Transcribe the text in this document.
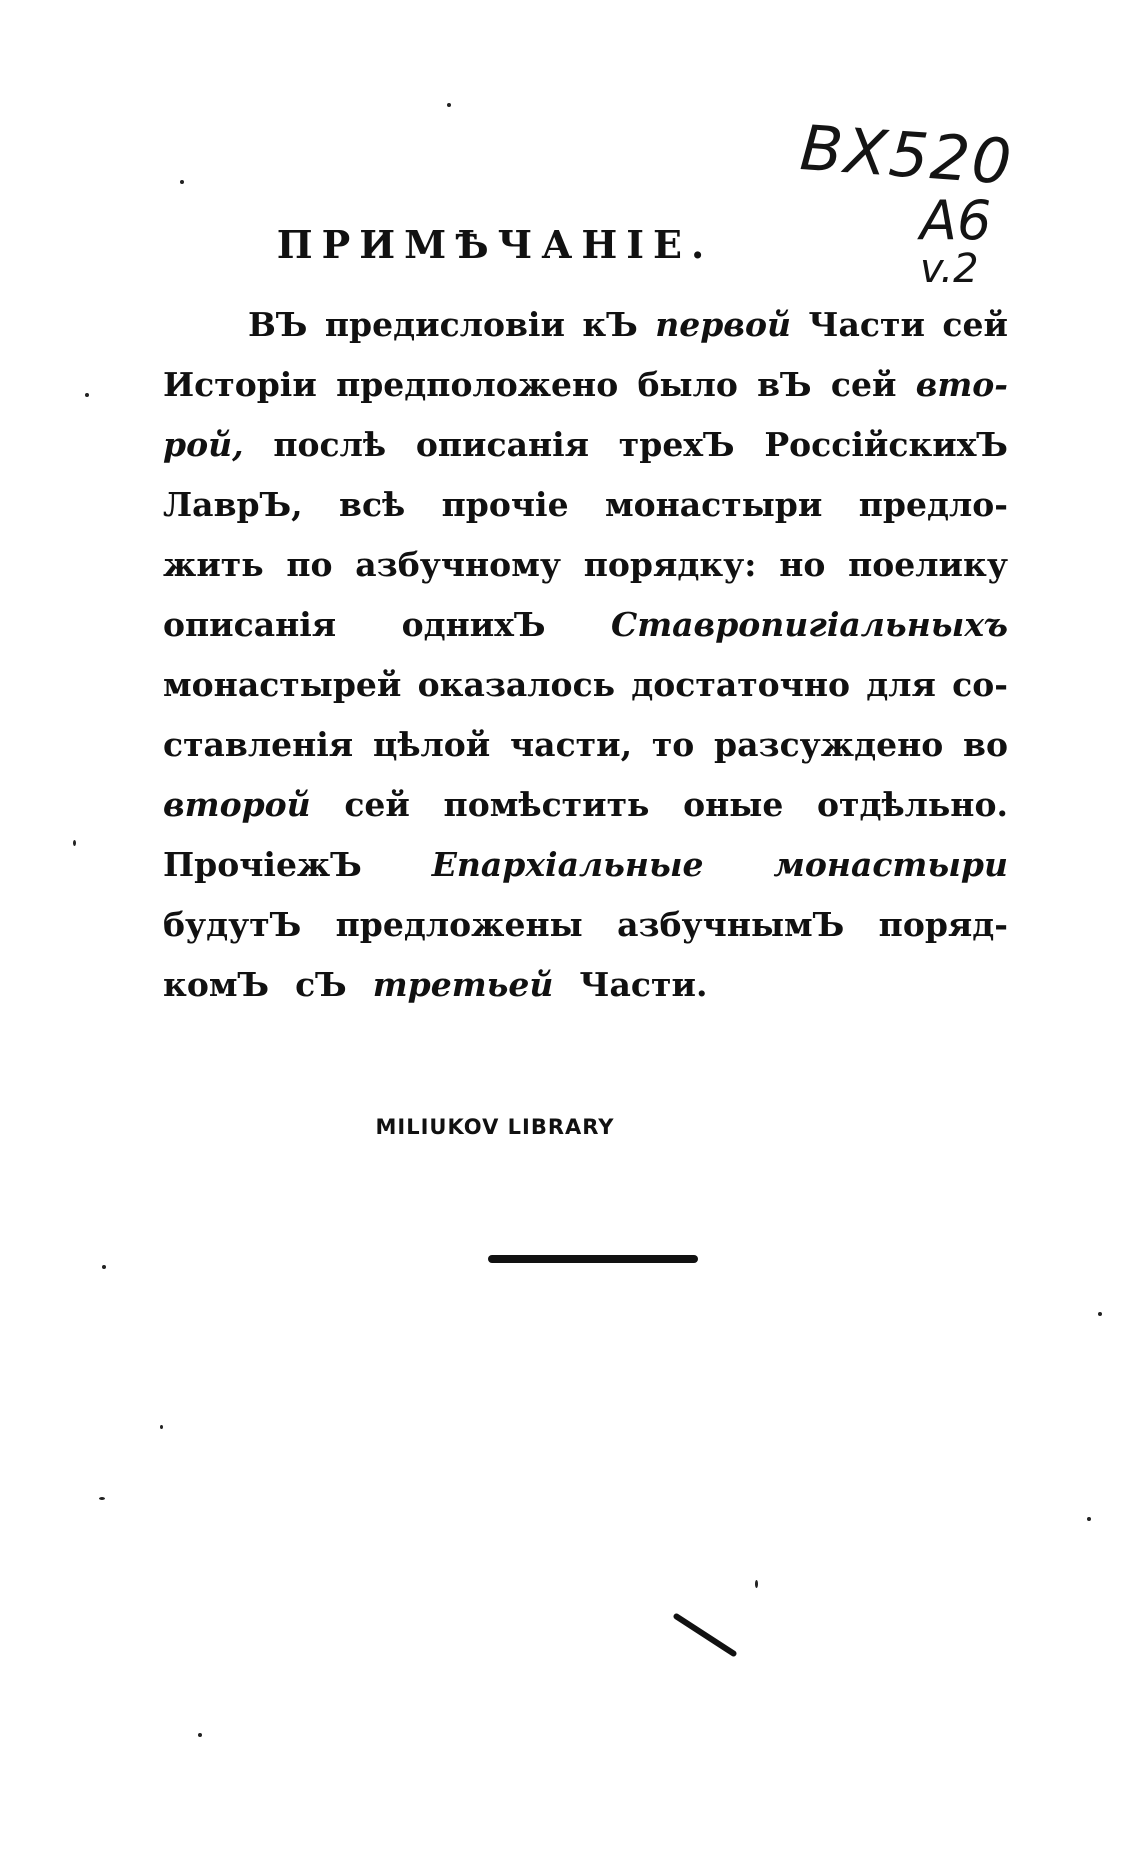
BX520
A6
v.2
ПРИМѢЧАНІЕ.
ВЪ предисловіи кЪ первой Части сей
Исторіи предположено было вЪ сей вто-
рой, послѣ описанія трехЪ РоссійскихЪ
ЛаврЪ, всѣ прочіе монастыри предло-
жить по азбучному порядку: но поелику
описанія однихЪ Ставропигіальныхъ
монастырей оказалось достаточно для со-
ставленія цѣлой части, то разсуждено во
второй сей помѣстить оные отдѣльно.
ПрочіежЪ Епархіальные монастыри
будутЪ предложены азбучнымЪ поряд-
комЪ сЪ третьей Части.
MILIUKOV LIBRARY
